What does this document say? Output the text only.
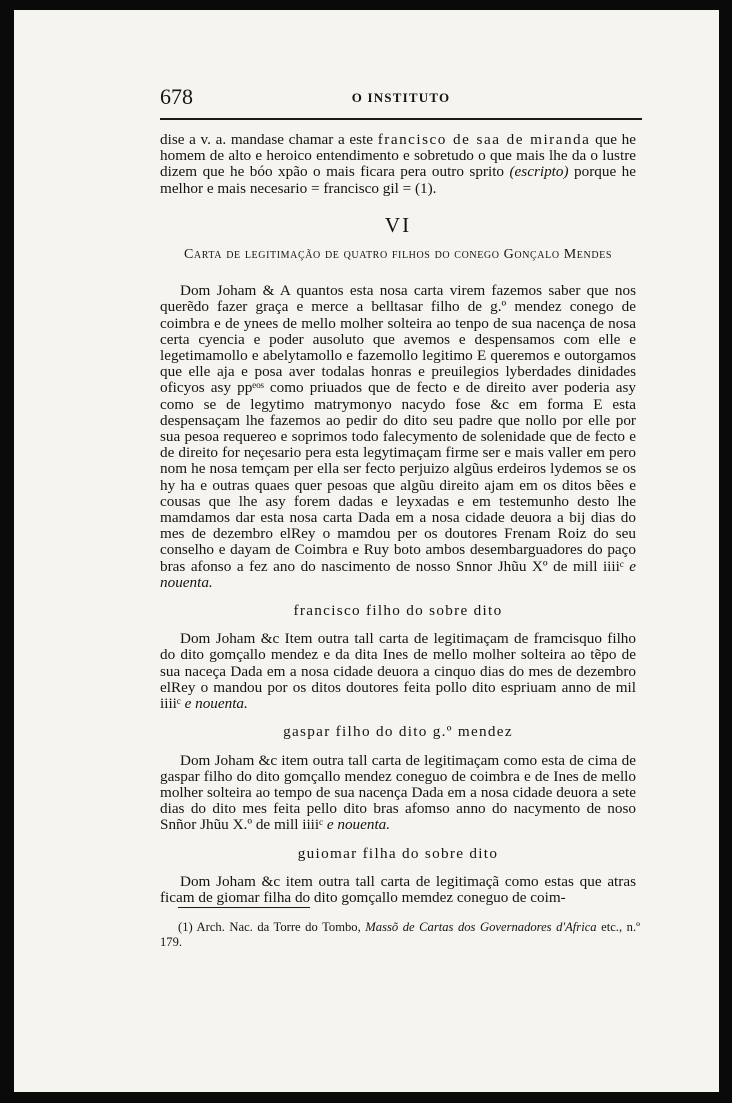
678	O INSTITUTO

dise a v. a. mandase chamar a este francisco de saa de miranda que he homem de alto e heroico entendimento e sobretudo o que mais lhe da o lustre dizem que he bóo xpão o mais ficara pera outro sprito (escripto) porque he melhor e mais necesario = francisco gil = (1).

VI
Carta de legitimação de quatro filhos do conego Gonçalo Mendes

Dom Joham & A quantos esta nosa carta virem fazemos saber que nos querẽdo fazer graça e merce a belltasar filho de g.º mendez conego de coimbra e de ynees de mello molher solteira ao tenpo de sua nacença de nosa certa cyencia e poder ausoluto que avemos e despensamos com elle e legetimamollo e abelytamollo e fazemollo legitimo E queremos e outorgamos que elle aja e posa aver todalas honras e preuilegios lyberdades dinidades oficyos asy ppᵉᵒˢ como priuados que de fecto e de direito aver poderia asy como se de legytimo matrymonyo nacydo fose &c em forma E esta despensaçam lhe fazemos ao pedir do dito seu padre que nollo por elle por sua pesoa requereo e soprimos todo falecymento de solenidade que de fecto e de direito for neçesario pera esta legytimaçam firme ser e mais valler em pero nom he nosa temçam per ella ser fecto perjuizo algũus erdeiros lydemos se os hy ha e outras quaes quer pesoas que algũu direito ajam em os ditos bẽes e cousas que lhe asy forem dadas e leyxadas e em testemunho desto lhe mamdamos dar esta nosa carta Dada em a nosa cidade deuora a bij dias do mes de dezembro elRey o mamdou per os doutores Frenam Roiz do seu conselho e dayam de Coimbra e Ruy boto ambos desembarguadores do paço bras afonso a fez ano do nascimento de nosso Snnor Jhũu Xº de mill iiiiᶜ e nouenta.

francisco filho do sobre dito

Dom Joham &c Item outra tall carta de legitimaçam de framcisquo filho do dito gomçallo mendez e da dita Ines de mello molher solteira ao tẽpo de sua naceça Dada em a nosa cidade deuora a cinquo dias do mes de dezembro elRey o mandou por os ditos doutores feita pollo dito espriuam anno de mil iiiiᶜ e nouenta.

gaspar filho do dito g.º mendez

Dom Joham &c item outra tall carta de legitimaçam como esta de cima de gaspar filho do dito gomçallo mendez coneguo de coimbra e de Ines de mello molher solteira ao tempo de sua nacença Dada em a nosa cidade deuora a sete dias do dito mes feita pello dito bras afomso anno do nacymento de noso Snñor Jhũu X.º de mill iiiiᶜ e nouenta.

guiomar filha do sobre dito

Dom Joham &c item outra tall carta de legitimaçã como estas que atras ficam de giomar filha do dito gomçallo memdez coneguo de coim-

(1) Arch. Nac. da Torre do Tombo, Massõ de Cartas dos Governadores d'Africa etc., n.º 179.
